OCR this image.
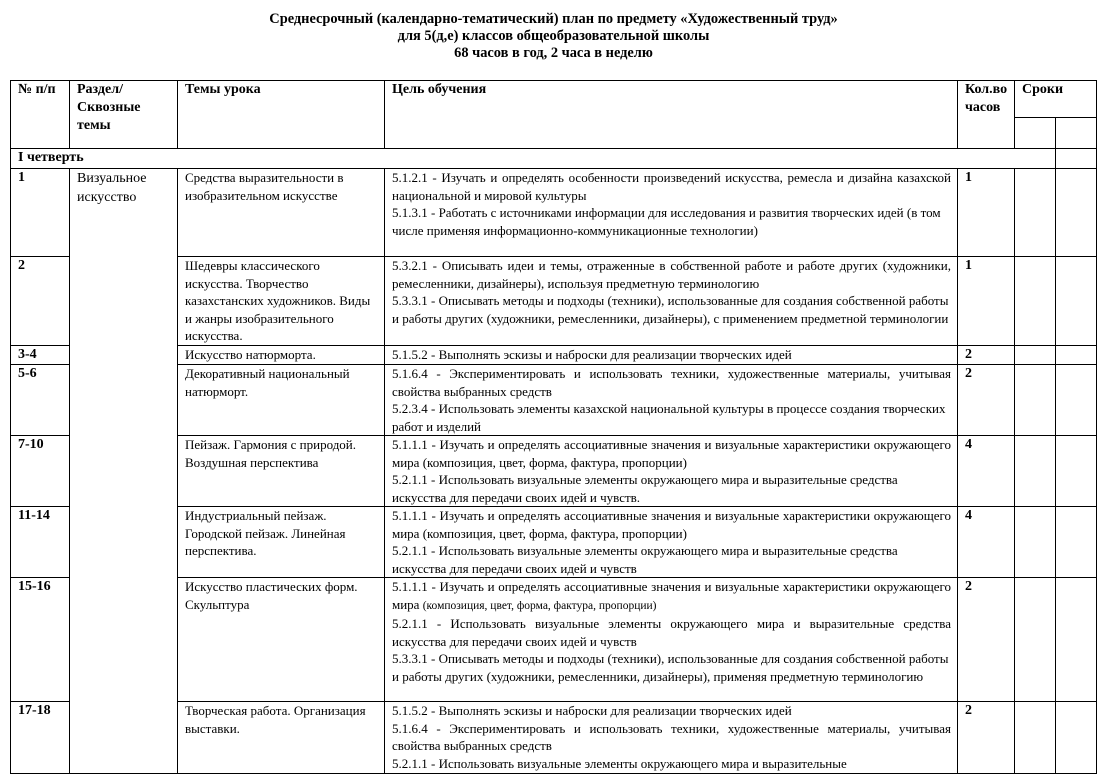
Среднесрочный (календарно-тематический) план по предмету «Художественный труд»
для 5(д,е) классов общеобразовательной школы
68 часов в год, 2 часа в неделю
№ п/п	Раздел/ Сквозные темы	Темы урока	Цель обучения	Кол.во часов	Сроки	

I четверть						
1	Визуальное искусство	Средства выразительности в изобразительном искусстве	5.1.2.1 - Изучать и определять особенности произведений искусства, ремесла и дизайна казахской национальной и мировой культуры

5.1.3.1 - Работать с источниками информации для исследования и развития творческих идей (в том числе применяя информационно-коммуникационные технологии)	1		
2		Шедевры классического искусства. Творчество казахстанских художников. Виды и жанры изобразительного искусства.	5.3.2.1 - Описывать идеи и темы, отраженные в собственной работе и работе других (художники, ремесленники, дизайнеры), используя предметную терминологию

5.3.3.1 - Описывать методы и подходы (техники), использованные для создания собственной работы и работы других (художники, ремесленники, дизайнеры), с применением предметной терминологии	1		
3-4		Искусство натюрморта.	5.1.5.2 - Выполнять эскизы и наброски для реализации творческих идей	2		
5-6		Декоративный национальный натюрморт.	5.1.6.4 - Экспериментировать и использовать техники, художественные материалы, учитывая свойства выбранных средств

5.2.3.4 - Использовать элементы казахской национальной культуры в процессе создания творческих работ и изделий	2		
7-10		Пейзаж. Гармония с природой. Воздушная перспектива	5.1.1.1 - Изучать и определять ассоциативные значения и визуальные характеристики окружающего мира (композиция, цвет, форма, фактура, пропорции)

5.2.1.1 - Использовать визуальные элементы окружающего мира и выразительные средства искусства для передачи своих идей и чувств.	4		
11-14		Индустриальный пейзаж. Городской пейзаж. Линейная перспектива.	5.1.1.1 - Изучать и определять ассоциативные значения и визуальные характеристики окружающего мира (композиция, цвет, форма, фактура, пропорции)

5.2.1.1 - Использовать визуальные элементы окружающего мира и выразительные средства искусства для передачи своих идей и чувств	4		
15-16		Искусство пластических форм. Скульптура	5.1.1.1 - Изучать и определять ассоциативные значения и визуальные характеристики окружающего мира (композиция, цвет, форма, фактура, пропорции)

5.2.1.1 - Использовать визуальные элементы окружающего мира и выразительные средства искусства для передачи своих идей и чувств

5.3.3.1 - Описывать методы и подходы (техники), использованные для создания собственной работы и работы других (художники, ремесленники, дизайнеры), применяя предметную терминологию	2		
17-18		Творческая работа. Организация выставки.	5.1.5.2 - Выполнять эскизы и наброски для реализации творческих идей

5.1.6.4 - Экспериментировать и использовать техники, художественные материалы, учитывая свойства выбранных средств

5.2.1.1 - Использовать визуальные элементы окружающего мира и выразительные	2		
